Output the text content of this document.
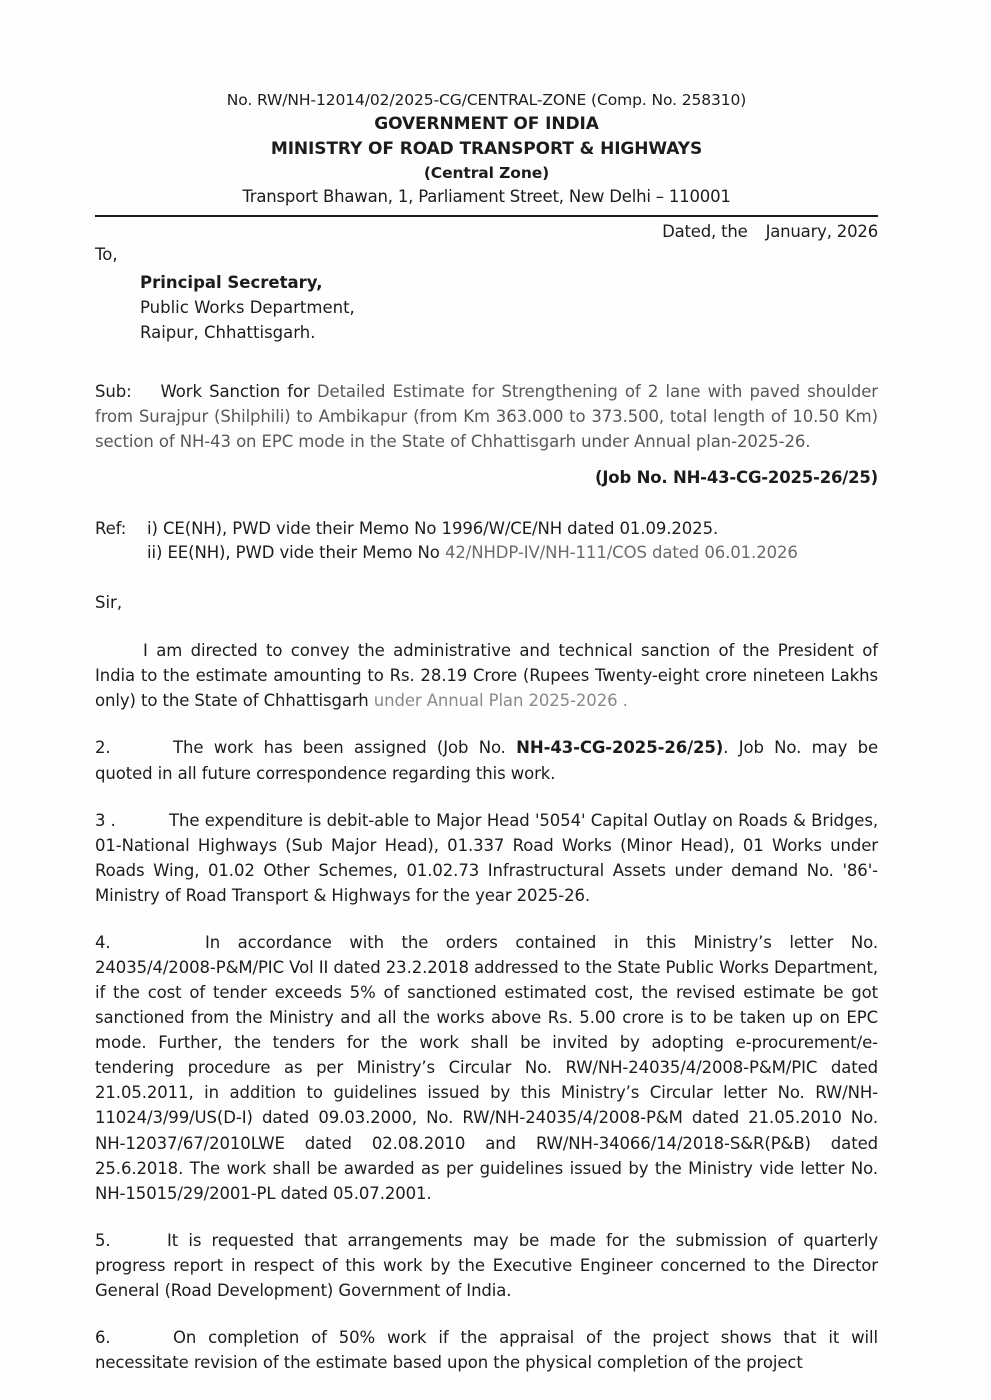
No. RW/NH-12014/02/2025-CG/CENTRAL-ZONE (Comp. No. 258310)
GOVERNMENT OF INDIA
MINISTRY OF ROAD TRANSPORT & HIGHWAYS
(Central Zone)
Transport Bhawan, 1, Parliament Street, New Delhi – 110001
Dated, the January, 2026
To,
Principal Secretary,
Public Works Department,
Raipur, Chhattisgarh.
Sub: Work Sanction for Detailed Estimate for Strengthening of 2 lane with paved shoulder from Surajpur (Shilphili) to Ambikapur (from Km 363.000 to 373.500, total length of 10.50 Km) section of NH-43 on EPC mode in the State of Chhattisgarh under Annual plan-2025-26.
(Job No. NH-43-CG-2025-26/25)
Ref: i) CE(NH), PWD vide their Memo No 1996/W/CE/NH dated 01.09.2025.
ii) EE(NH), PWD vide their Memo No 42/NHDP-IV/NH-111/COS dated 06.01.2026
Sir,
I am directed to convey the administrative and technical sanction of the President of India to the estimate amounting to Rs. 28.19 Crore (Rupees Twenty-eight crore nineteen Lakhs only) to the State of Chhattisgarh under Annual Plan 2025-2026 .
2.	The work has been assigned (Job No. NH-43-CG-2025-26/25). Job No. may be quoted in all future correspondence regarding this work.
3 .	The expenditure is debit-able to Major Head '5054' Capital Outlay on Roads & Bridges, 01-National Highways (Sub Major Head), 01.337 Road Works (Minor Head), 01 Works under Roads Wing, 01.02 Other Schemes, 01.02.73 Infrastructural Assets under demand No. '86'- Ministry of Road Transport & Highways for the year 2025-26.
4.	In accordance with the orders contained in this Ministry’s letter No. 24035/4/2008-P&M/PIC Vol II dated 23.2.2018 addressed to the State Public Works Department, if the cost of tender exceeds 5% of sanctioned estimated cost, the revised estimate be got sanctioned from the Ministry and all the works above Rs. 5.00 crore is to be taken up on EPC mode. Further, the tenders for the work shall be invited by adopting e-procurement/e-tendering procedure as per Ministry’s Circular No. RW/NH-24035/4/2008-P&M/PIC dated 21.05.2011, in addition to guidelines issued by this Ministry’s Circular letter No. RW/NH-11024/3/99/US(D-I) dated 09.03.2000, No. RW/NH-24035/4/2008-P&M dated 21.05.2010 No. NH-12037/67/2010LWE dated 02.08.2010 and RW/NH-34066/14/2018-S&R(P&B) dated 25.6.2018. The work shall be awarded as per guidelines issued by the Ministry vide letter No. NH-15015/29/2001-PL dated 05.07.2001.
5.	It is requested that arrangements may be made for the submission of quarterly progress report in respect of this work by the Executive Engineer concerned to the Director General (Road Development) Government of India.
6.	On completion of 50% work if the appraisal of the project shows that it will necessitate revision of the estimate based upon the physical completion of the project
